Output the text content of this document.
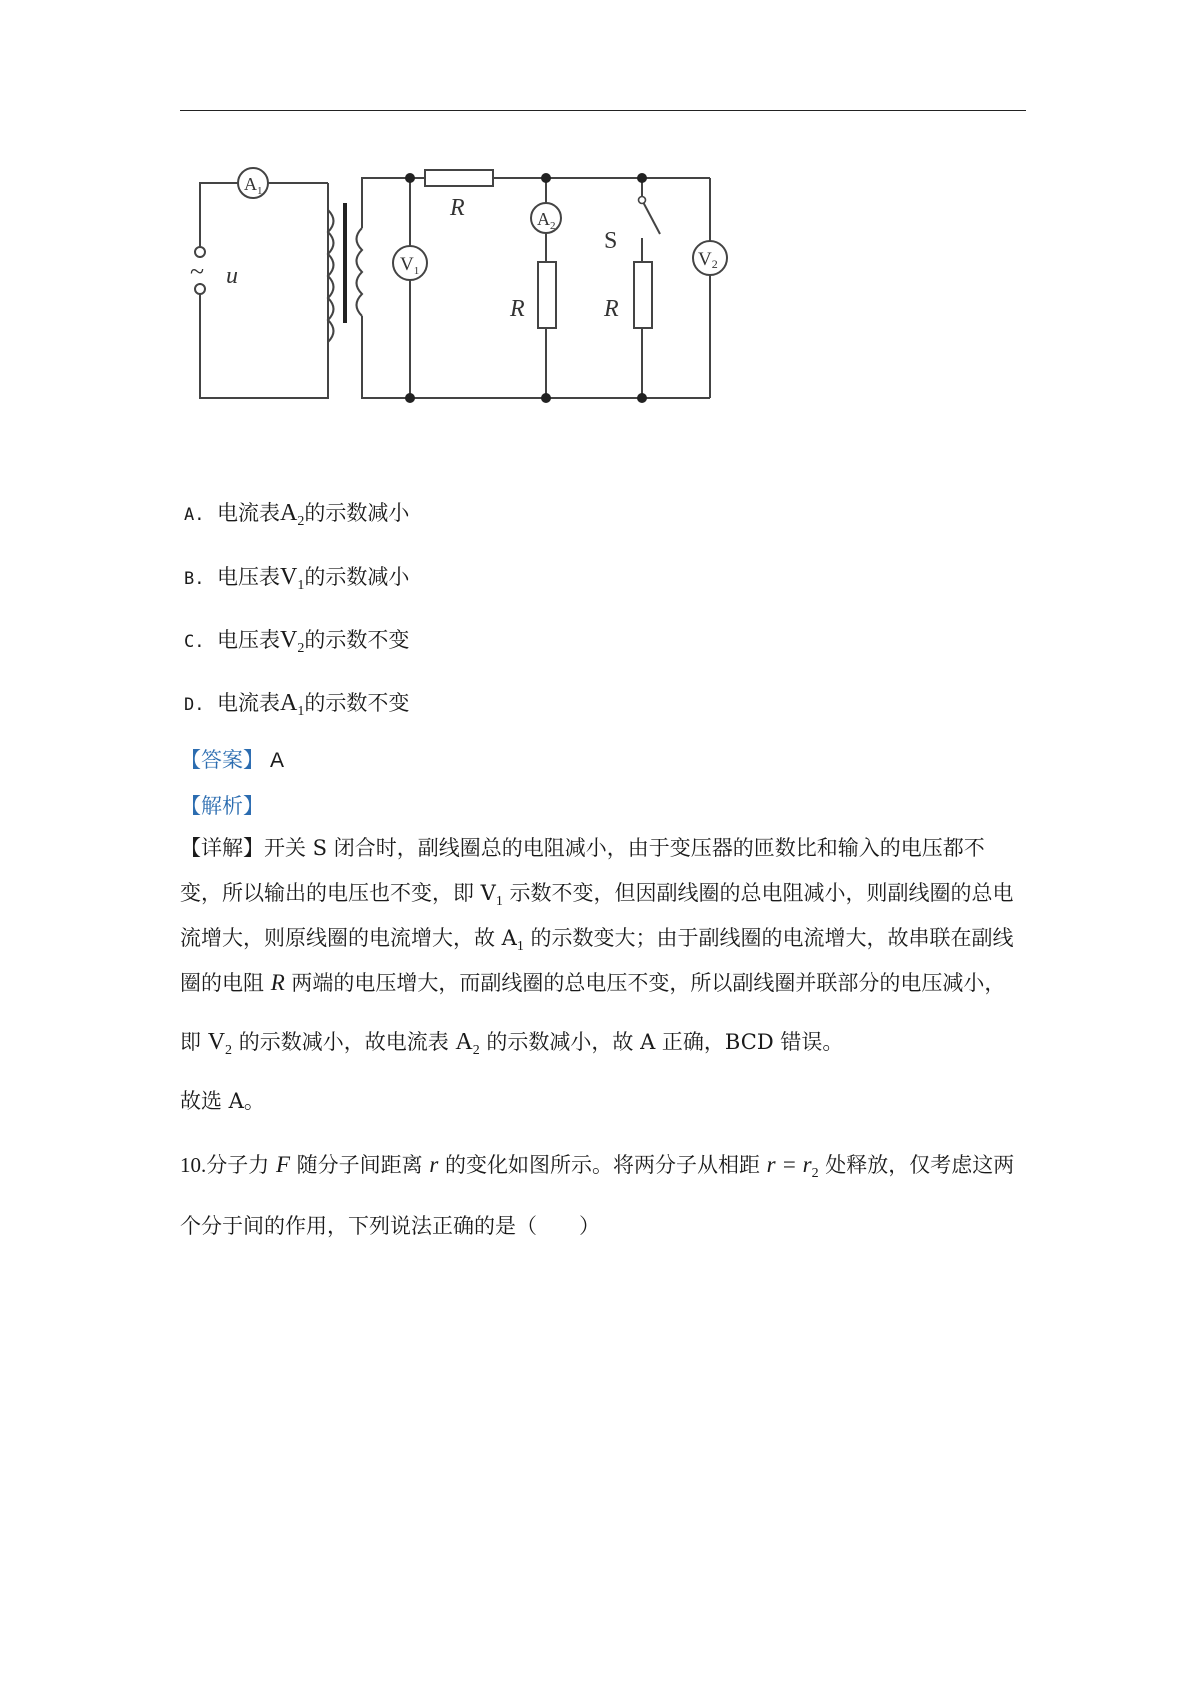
~ u
$A_1$
$A_2$
$V_1$
V2
R
R
S
R
A. 电流表$A_2$的示数减小
B. 电压表$V_1$的示数减小
C. 电压表$V_2$的示数不变
D. 电流表$A_1$的示数不变
【答案】 A
【解析】
【详解】开关 S 闭合时，副线圈总的电阻减小，由于变压器的匝数比和输入的电压都不
变，所以输出的电压也不变，即 $V_1$ 示数不变，但因副线圈的总电阻减小，则副线圈的总电
流增大，则原线圈的电流增大，故 $A_1$ 的示数变大；由于副线圈的电流增大，故串联在副线
圈的电阻 R 两端的电压增大，而副线圈的总电压不变，所以副线圈并联部分的电压减小，
即 $V_2$ 的示数减小，故电流表 $A_2$ 的示数减小，故 A 正确，BCD 错误。
故选 A。
10.分子力 F 随分子间距离 r 的变化如图所示。将两分子从相距 $r = r_2$ 处释放，仅考虑这两
个分于间的作用，下列说法正确的是（　　）
